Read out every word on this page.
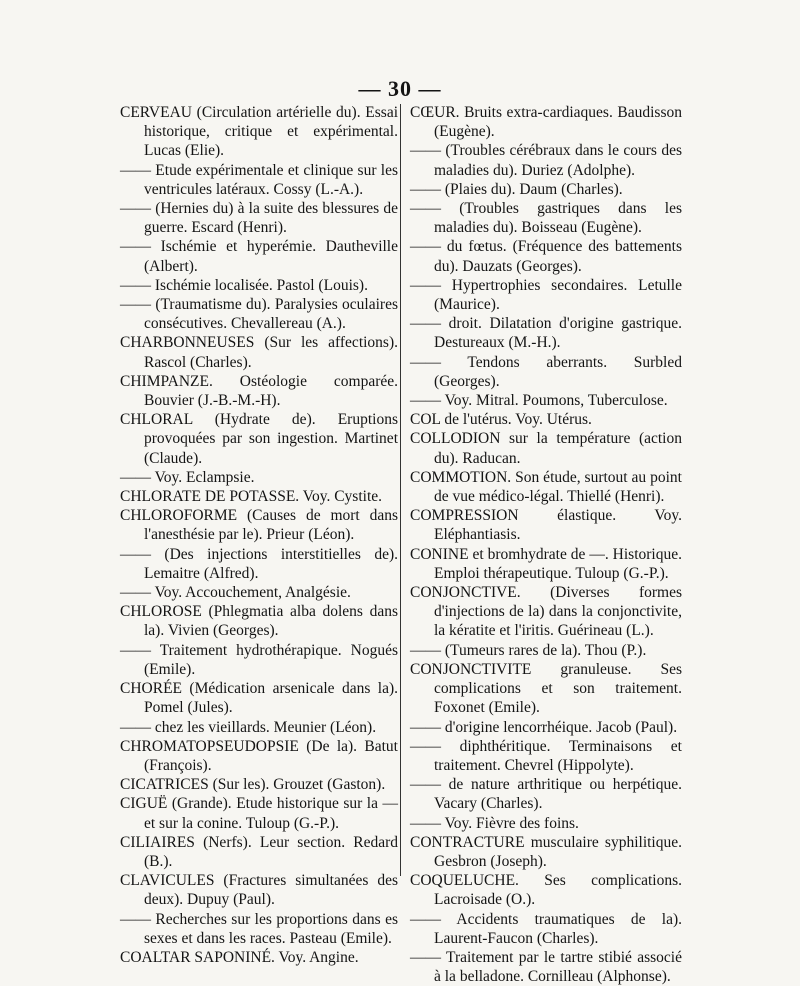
— 30 —

CERVEAU (Circulation artérielle du). Essai historique, critique et expérimental. Lucas (Elie).

—— Etude expérimentale et clinique sur les ventricules latéraux. Cossy (L.-A.).

—— (Hernies du) à la suite des blessures de guerre. Escard (Henri).

—— Ischémie et hyperémie. Dautheville (Albert).

—— Ischémie localisée. Pastol (Louis).

—— (Traumatisme du). Paralysies oculaires consécutives. Chevallereau (A.).

CHARBONNEUSES (Sur les affections). Rascol (Charles).

CHIMPANZE. Ostéologie comparée. Bouvier (J.-B.-M.-H).

CHLORAL (Hydrate de). Eruptions provoquées par son ingestion. Martinet (Claude).

—— Voy. Eclampsie.

CHLORATE DE POTASSE. Voy. Cystite.

CHLOROFORME (Causes de mort dans l'anesthésie par le). Prieur (Léon).

—— (Des injections interstitielles de). Lemaitre (Alfred).

—— Voy. Accouchement, Analgésie.

CHLOROSE (Phlegmatia alba dolens dans la). Vivien (Georges).

—— Traitement hydrothérapique. Nogués (Emile).

CHORÉE (Médication arsenicale dans la). Pomel (Jules).

—— chez les vieillards. Meunier (Léon).

CHROMATOPSEUDOPSIE (De la). Batut (François).

CICATRICES (Sur les). Grouzet (Gaston).

CIGUË (Grande). Etude historique sur la —et sur la conine. Tuloup (G.-P.).

CILIAIRES (Nerfs). Leur section. Redard (B.).

CLAVICULES (Fractures simultanées des deux). Dupuy (Paul).

—— Recherches sur les proportions dans es sexes et dans les races. Pasteau (Emile).

COALTAR SAPONINÉ. Voy. Angine.

CŒUR. Bruits extra-cardiaques. Baudisson (Eugène).

—— (Troubles cérébraux dans le cours des maladies du). Duriez (Adolphe).

—— (Plaies du). Daum (Charles).

—— (Troubles gastriques dans les maladies du). Boisseau (Eugène).

—— du fœtus. (Fréquence des battements du). Dauzats (Georges).

—— Hypertrophies secondaires. Letulle (Maurice).

—— droit. Dilatation d'origine gastrique. Destureaux (M.-H.).

—— Tendons aberrants. Surbled (Georges).

—— Voy. Mitral. Poumons, Tuberculose.

COL de l'utérus. Voy. Utérus.

COLLODION sur la température (action du). Raducan.

COMMOTION. Son étude, surtout au point de vue médico-légal. Thiellé (Henri).

COMPRESSION élastique. Voy. Eléphantiasis.

CONINE et bromhydrate de —. Historique. Emploi thérapeutique. Tuloup (G.-P.).

CONJONCTIVE. (Diverses formes d'injections de la) dans la conjonctivite, la kératite et l'iritis. Guérineau (L.).

—— (Tumeurs rares de la). Thou (P.).

CONJONCTIVITE granuleuse. Ses complications et son traitement. Foxonet (Emile).

—— d'origine lencorrhéique. Jacob (Paul).

—— diphthéritique. Terminaisons et traitement. Chevrel (Hippolyte).

—— de nature arthritique ou herpétique. Vacary (Charles).

—— Voy. Fièvre des foins.

CONTRACTURE musculaire syphilitique. Gesbron (Joseph).

COQUELUCHE. Ses complications. Lacroisade (O.).

—— Accidents traumatiques de la). Laurent-Faucon (Charles).

—— Traitement par le tartre stibié associé à la belladone. Cornilleau (Alphonse).
